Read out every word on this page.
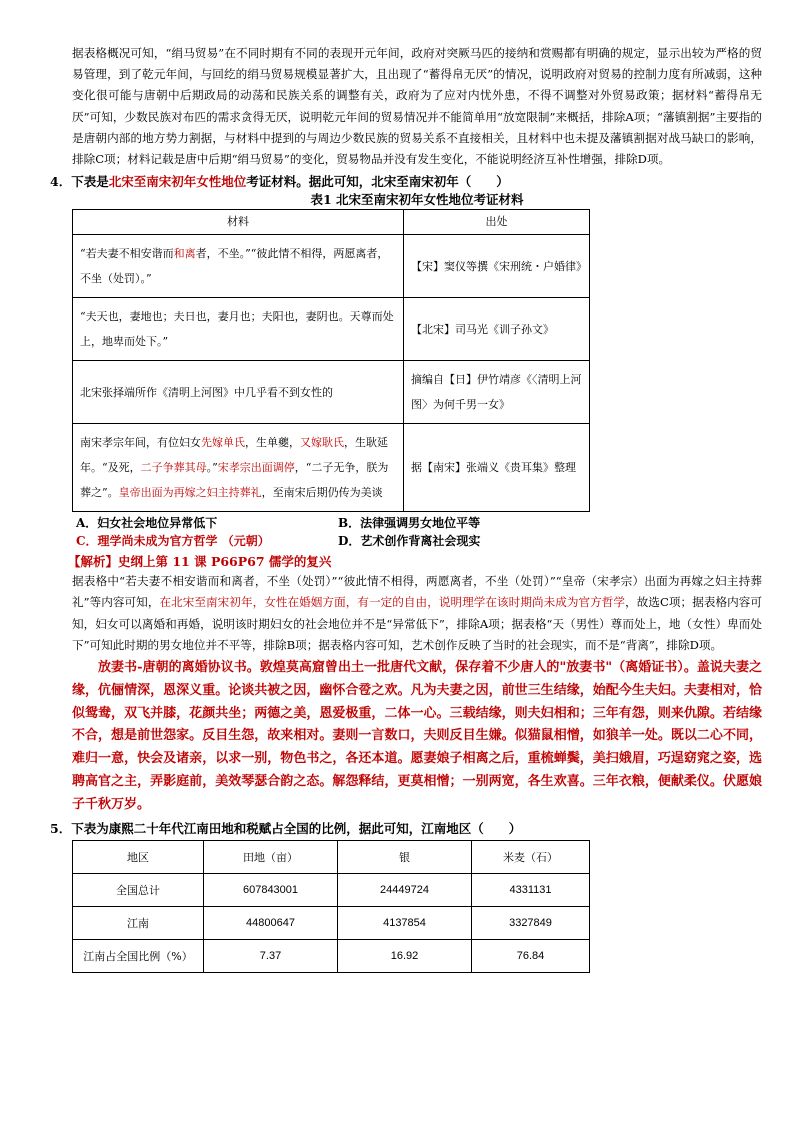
据表格概况可知，“绢马贸易”在不同时期有不同的表现开元年间，政府对突厥马匹的接纳和赏赐都有明确的规定，显示出较为严格的贸易管理，到了乾元年间，与回纥的绢马贸易规模显著扩大，且出现了“蓄得帛无厌”的情况，说明政府对贸易的控制力度有所减弱，这种变化很可能与唐朝中后期政局的动荡和民族关系的调整有关，政府为了应对内忧外患，不得不调整对外贸易政策；据材料“蓄得帛无厌”可知，少数民族对布匹的需求贪得无厌，说明乾元年间的贸易情况并不能简单用“放宽限制”来概括，排除A项；“藩镇割据”主要指的是唐朝内部的地方势力割据，与材料中提到的与周边少数民族的贸易关系不直接相关，且材料中也未提及藩镇割据对战马缺口的影响，排除C项；材料记载是唐中后期“绢马贸易”的变化，贸易物品并没有发生变化，不能说明经济互补性增强，排除D项。

4．下表是北宋至南宋初年女性地位考证材料。据此可知，北宋至南宋初年（　　）

表1 北宋至南宋初年女性地位考证材料
材料	出处
“若夫妻不相安谐而和离者，不坐。”“彼此情不相得，两愿离者，不坐（处罚）。”	【宋】窦仪等撰《宋刑统・户婚律》
“夫天也，妻地也；夫日也，妻月也；夫阳也，妻阴也。天尊而处上，地卑而处下。”	【北宋】司马光《训子孙文》
北宋张择端所作《清明上河图》中几乎看不到女性的	摘编自【日】伊竹靖彦《〈清明上河图〉为何千男一女》
南宋孝宗年间，有位妇女先嫁单氏，生单夔，又嫁耿氏，生耿延年。“及死，二子争葬其母。”宋孝宗出面调停，“二子无争，朕为葬之”。皇帝出面为再嫁之妇主持葬礼，至南宋后期仍传为美谈	据【南宋】张端义《贵耳集》整理
A．妇女社会地位异常低下	B．法律强调男女地位平等
C．理学尚未成为官方哲学 （元朝）	D．艺术创作背离社会现实
【解析】史纲上第 11 课 P66P67 儒学的复兴

据表格中“若夫妻不相安谐而和离者，不坐（处罚）”“彼此情不相得，两愿离者，不坐（处罚）”“皇帝（宋孝宗）出面为再嫁之妇主持葬礼”等内容可知，在北宋至南宋初年，女性在婚姻方面，有一定的自由，说明理学在该时期尚未成为官方哲学，故选C项；据表格内容可知，妇女可以离婚和再婚，说明该时期妇女的社会地位并不是“异常低下”，排除A项；据表格“天（男性）尊而处上，地（女性）卑而处下”可知此时期的男女地位并不平等，排除B项；据表格内容可知，艺术创作反映了当时的社会现实，而不是“背离”，排除D项。

放妻书-唐朝的离婚协议书。敦煌莫高窟曾出土一批唐代文献，保存着不少唐人的"放妻书"（离婚证书）。盖说夫妻之缘，伉俪情深，恩深义重。论谈共被之因，幽怀合卺之欢。凡为夫妻之因，前世三生结缘，始配今生夫妇。夫妻相对，恰似鸳鸯，双飞并膝，花颜共坐；两德之美，恩爱极重，二体一心。三载结缘，则夫妇相和；三年有怨，则来仇隙。若结缘不合，想是前世怨家。反目生怨，故来相对。妻则一言数口，夫则反目生嫌。似猫鼠相憎，如狼羊一处。既以二心不同，难归一意，快会及诸亲，以求一别，物色书之，各还本道。愿妻娘子相离之后，重梳蝉鬓，美扫娥眉，巧逞窈窕之姿，选聘高官之主，弄影庭前，美效琴瑟合韵之态。解怨释结，更莫相憎；一别两宽，各生欢喜。三年衣粮，便献柔仪。伏愿娘子千秋万岁。

5．下表为康熙二十年代江南田地和税赋占全国的比例，据此可知，江南地区（　　）

地区	田地（亩）	银	米麦（石）
全国总计	607843001	24449724	4331131
江南	44800647	4137854	3327849
江南占全国比例（%）	7.37	16.92	76.84
